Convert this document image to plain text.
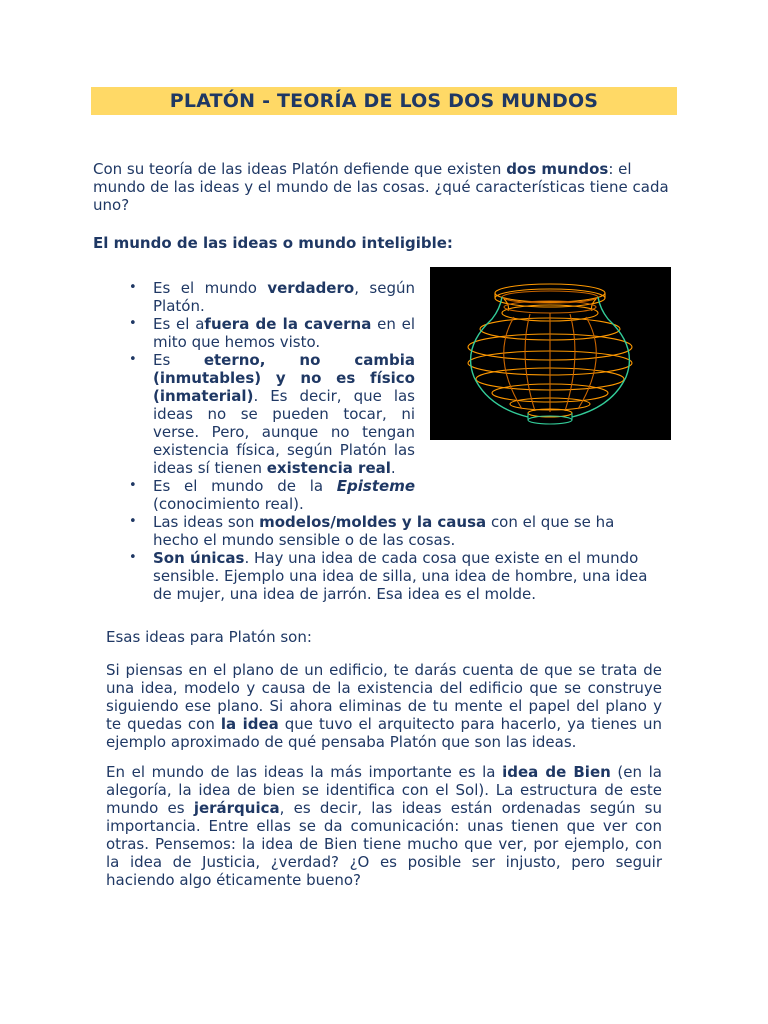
PLATÓN - TEORÍA DE LOS DOS MUNDOS

Con su teoría de las ideas Platón defiende que existen dos mundos: el mundo de las ideas y el mundo de las cosas. ¿qué características tiene cada uno?

El mundo de las ideas o mundo inteligible:

• Es el mundo verdadero, según Platón.
• Es el afuera de la caverna en el mito que hemos visto.
• Es eterno, no cambia (inmutables) y no es físico (inmaterial). Es decir, que las ideas no se pueden tocar, ni verse. Pero, aunque no tengan existencia física, según Platón las ideas sí tienen existencia real.
• Es el mundo de la Episteme (conocimiento real).
• Las ideas son modelos/moldes y la causa con el que se ha hecho el mundo sensible o de las cosas.
• Son únicas. Hay una idea de cada cosa que existe en el mundo sensible. Ejemplo una idea de silla, una idea de hombre, una idea de mujer, una idea de jarrón. Esa idea es el molde.

Esas ideas para Platón son:

Si piensas en el plano de un edificio, te darás cuenta de que se trata de una idea, modelo y causa de la existencia del edificio que se construye siguiendo ese plano. Si ahora eliminas de tu mente el papel del plano y te quedas con la idea que tuvo el arquitecto para hacerlo, ya tienes un ejemplo aproximado de qué pensaba Platón que son las ideas.

En el mundo de las ideas la más importante es la idea de Bien (en la alegoría, la idea de bien se identifica con el Sol). La estructura de este mundo es jerárquica, es decir, las ideas están ordenadas según su importancia. Entre ellas se da comunicación: unas tienen que ver con otras. Pensemos: la idea de Bien tiene mucho que ver, por ejemplo, con la idea de Justicia, ¿verdad? ¿O es posible ser injusto, pero seguir haciendo algo éticamente bueno?
